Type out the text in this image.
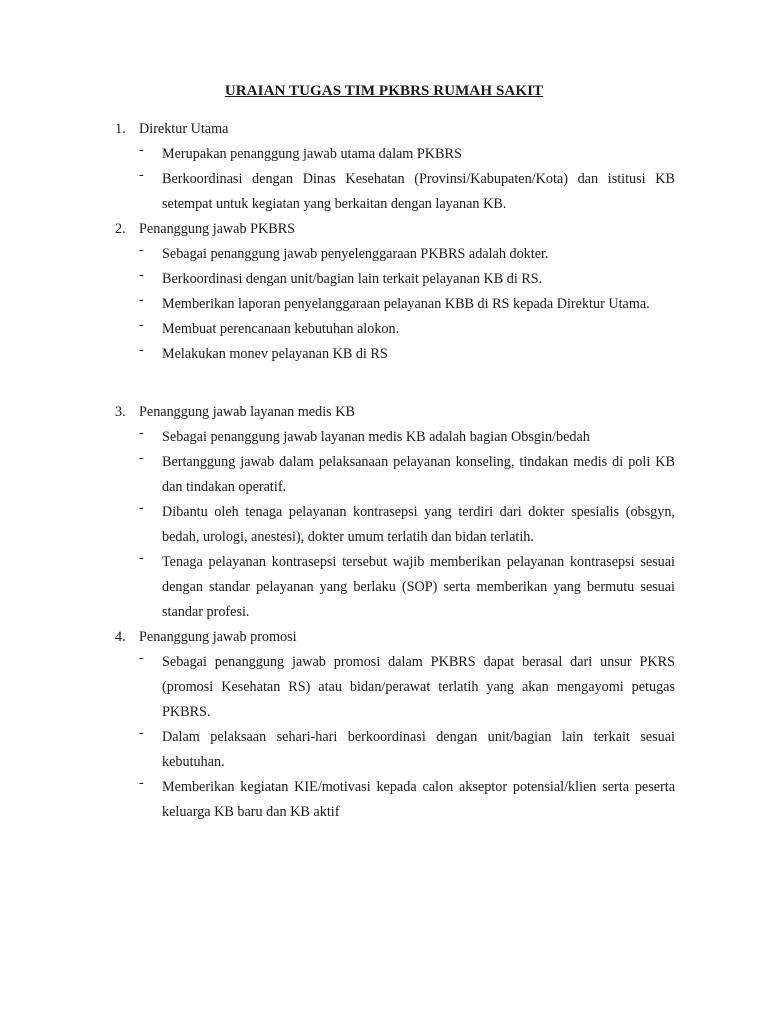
URAIAN TUGAS TIM PKBRS RUMAH SAKIT
1. Direktur Utama
-	Merupakan penanggung jawab utama dalam PKBRS
-	Berkoordinasi dengan Dinas Kesehatan (Provinsi/Kabupaten/Kota) dan istitusi KB setempat untuk kegiatan yang berkaitan dengan layanan KB.
2. Penanggung jawab PKBRS
-	Sebagai penanggung jawab penyelenggaraan PKBRS adalah dokter.
-	Berkoordinasi dengan unit/bagian lain terkait pelayanan KB di RS.
-	Memberikan laporan penyelanggaraan pelayanan KBB di RS kepada Direktur Utama.
-	Membuat perencanaan kebutuhan alokon.
-	Melakukan monev pelayanan KB di RS
3. Penanggung jawab layanan medis KB
-	Sebagai penanggung jawab layanan medis KB adalah bagian Obsgin/bedah
-	Bertanggung jawab dalam pelaksanaan pelayanan konseling, tindakan medis di poli KB dan tindakan operatif.
-	Dibantu oleh tenaga pelayanan kontrasepsi yang terdiri dari dokter spesialis (obsgyn, bedah, urologi, anestesi), dokter umum terlatih dan bidan terlatih.
-	Tenaga pelayanan kontrasepsi tersebut wajib memberikan pelayanan kontrasepsi sesuai dengan standar pelayanan yang berlaku (SOP) serta memberikan yang bermutu sesuai standar profesi.
4. Penanggung jawab promosi
-	Sebagai penanggung jawab promosi dalam PKBRS dapat berasal dari unsur PKRS (promosi Kesehatan RS) atau bidan/perawat terlatih yang akan mengayomi petugas PKBRS.
-	Dalam pelaksaan sehari-hari berkoordinasi dengan unit/bagian lain terkait sesuai kebutuhan.
-	Memberikan kegiatan KIE/motivasi kepada calon akseptor potensial/klien serta peserta keluarga KB baru dan KB aktif
